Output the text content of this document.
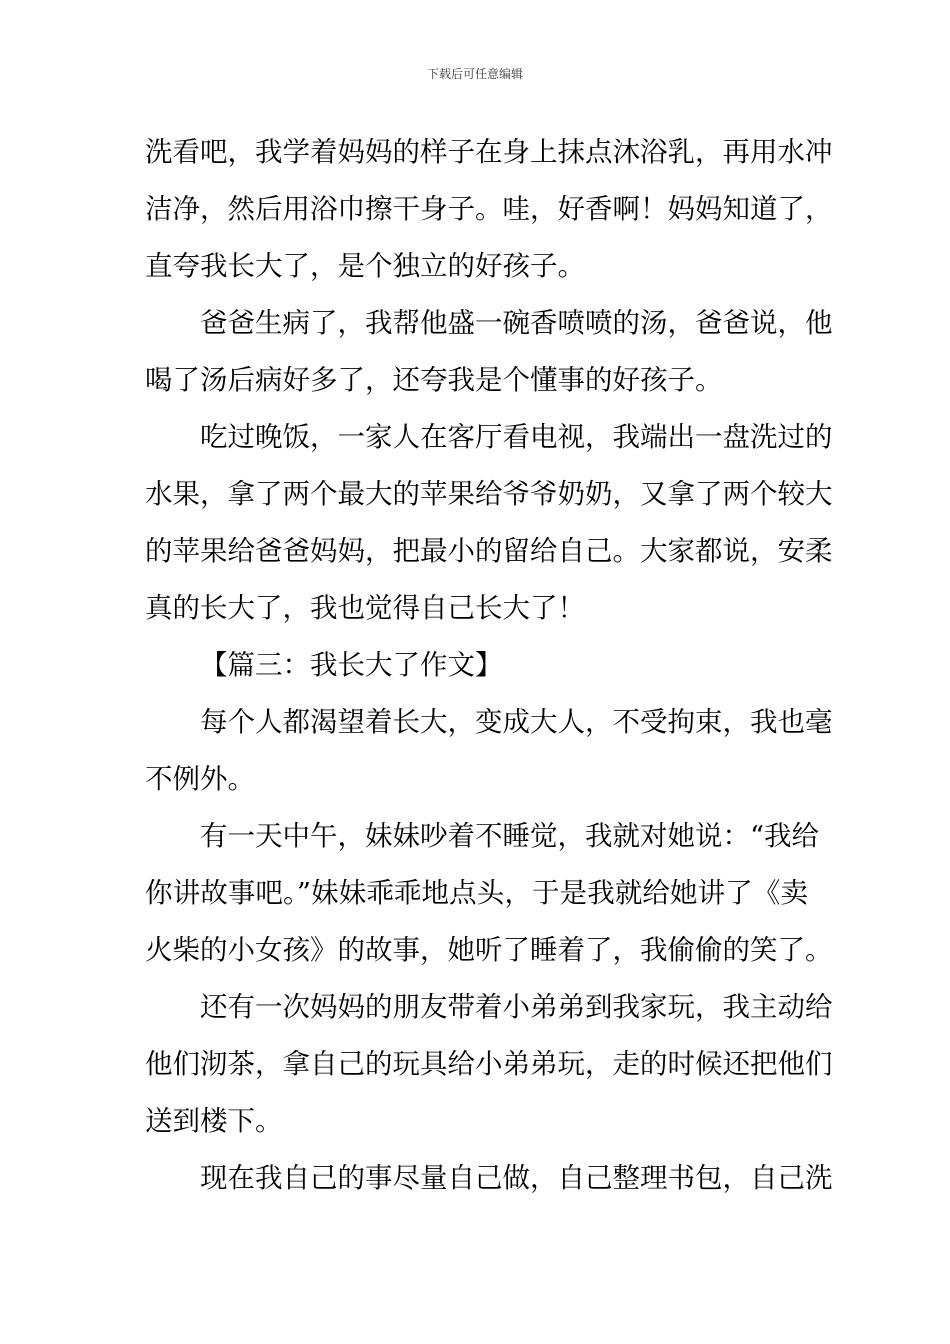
下载后可任意编辑
洗看吧，我学着妈妈的样子在身上抹点沐浴乳，再用水冲
洁净，然后用浴巾擦干身子。哇，好香啊！妈妈知道了，
直夸我长大了，是个独立的好孩子。
爸爸生病了，我帮他盛一碗香喷喷的汤，爸爸说，他
喝了汤后病好多了，还夸我是个懂事的好孩子。
吃过晚饭，一家人在客厅看电视，我端出一盘洗过的
水果，拿了两个最大的苹果给爷爷奶奶，又拿了两个较大
的苹果给爸爸妈妈，把最小的留给自己。大家都说，安柔
真的长大了，我也觉得自己长大了！
【篇三：我长大了作文】
每个人都渴望着长大，变成大人，不受拘束，我也毫
不例外。
有一天中午，妹妹吵着不睡觉，我就对她说：“我给
你讲故事吧。”妹妹乖乖地点头，于是我就给她讲了《卖
火柴的小女孩》的故事，她听了睡着了，我偷偷的笑了。
还有一次妈妈的朋友带着小弟弟到我家玩，我主动给
他们沏茶，拿自己的玩具给小弟弟玩，走的时候还把他们
送到楼下。
现在我自己的事尽量自己做，自己整理书包，自己洗
